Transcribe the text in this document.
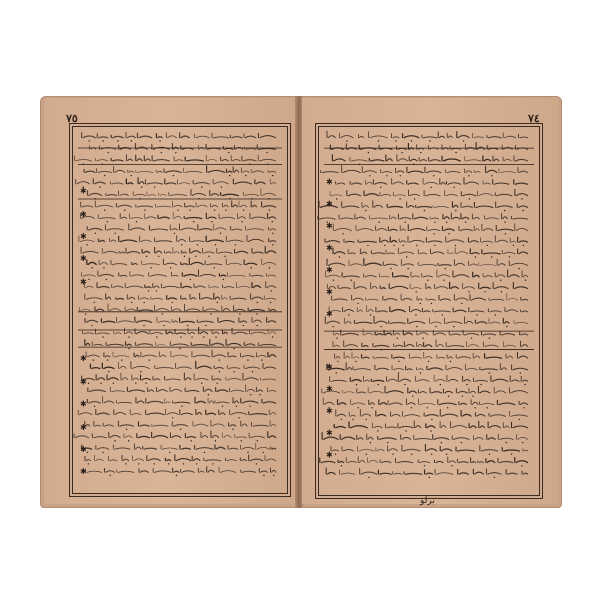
٧٥
✱
✱
✱
✱
✱
✱
✱
✱
✱
✱
✱
٧٤
✱
✱
✱
✱
✱
✱
✱
✱
✱
✱
✱
✱
برلو
